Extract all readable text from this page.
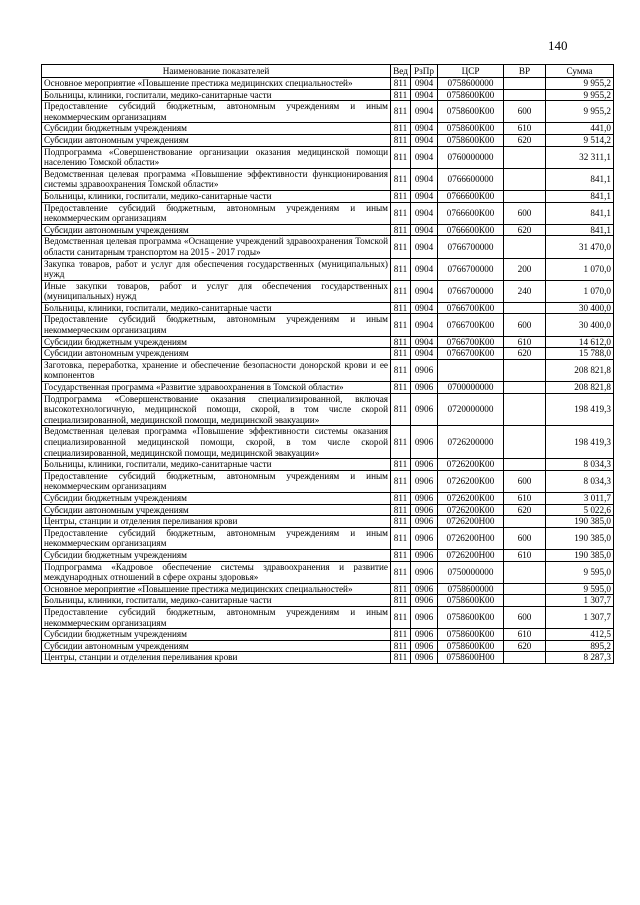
140
Наименование показателей	Вед	РзПр	ЦСР	ВР	Сумма
Основное мероприятие «Повышение престижа медицинских специальностей»	811	0904	0758600000		9 955,2
Больницы, клиники, госпитали, медико-санитарные части	811	0904	0758600К00		9 955,2
Предоставление субсидий бюджетным, автономным учреждениям и иным некоммерческим организациям	811	0904	0758600К00	600	9 955,2
Субсидии бюджетным учреждениям	811	0904	0758600К00	610	441,0
Субсидии автономным учреждениям	811	0904	0758600К00	620	9 514,2
Подпрограмма «Совершенствование организации оказания медицинской помощи населению Томской области»	811	0904	0760000000		32 311,1
Ведомственная целевая программа «Повышение эффективности функционирования системы здравоохранения Томской области»	811	0904	0766600000		841,1
Больницы, клиники, госпитали, медико-санитарные части	811	0904	0766600К00		841,1
Предоставление субсидий бюджетным, автономным учреждениям и иным некоммерческим организациям	811	0904	0766600К00	600	841,1
Субсидии автономным учреждениям	811	0904	0766600К00	620	841,1
Ведомственная целевая программа «Оснащение учреждений здравоохранения Томской области санитарным транспортом на 2015 - 2017 годы»	811	0904	0766700000		31 470,0
Закупка товаров, работ и услуг для обеспечения государственных (муниципальных) нужд	811	0904	0766700000	200	1 070,0
Иные закупки товаров, работ и услуг для обеспечения государственных (муниципальных) нужд	811	0904	0766700000	240	1 070,0
Больницы, клиники, госпитали, медико-санитарные части	811	0904	0766700К00		30 400,0
Предоставление субсидий бюджетным, автономным учреждениям и иным некоммерческим организациям	811	0904	0766700К00	600	30 400,0
Субсидии бюджетным учреждениям	811	0904	0766700К00	610	14 612,0
Субсидии автономным учреждениям	811	0904	0766700К00	620	15 788,0
Заготовка, переработка, хранение и обеспечение безопасности донорской крови и ее компонентов	811	0906			208 821,8
Государственная программа «Развитие здравоохранения в Томской области»	811	0906	0700000000		208 821,8
Подпрограмма «Совершенствование оказания специализированной, включая высокотехнологичную, медицинской помощи, скорой, в том числе скорой специализированной, медицинской помощи, медицинской эвакуации»	811	0906	0720000000		198 419,3
Ведомственная целевая программа «Повышение эффективности системы оказания специализированной медицинской помощи, скорой, в том числе скорой специализированной, медицинской помощи, медицинской эвакуации»	811	0906	0726200000		198 419,3
Больницы, клиники, госпитали, медико-санитарные части	811	0906	0726200К00		8 034,3
Предоставление субсидий бюджетным, автономным учреждениям и иным некоммерческим организациям	811	0906	0726200К00	600	8 034,3
Субсидии бюджетным учреждениям	811	0906	0726200К00	610	3 011,7
Субсидии автономным учреждениям	811	0906	0726200К00	620	5 022,6
Центры, станции и отделения переливания крови	811	0906	0726200Н00		190 385,0
Предоставление субсидий бюджетным, автономным учреждениям и иным некоммерческим организациям	811	0906	0726200Н00	600	190 385,0
Субсидии бюджетным учреждениям	811	0906	0726200Н00	610	190 385,0
Подпрограмма «Кадровое обеспечение системы здравоохранения и развитие международных отношений в сфере охраны здоровья»	811	0906	0750000000		9 595,0
Основное мероприятие «Повышение престижа медицинских специальностей»	811	0906	0758600000		9 595,0
Больницы, клиники, госпитали, медико-санитарные части	811	0906	0758600К00		1 307,7
Предоставление субсидий бюджетным, автономным учреждениям и иным некоммерческим организациям	811	0906	0758600К00	600	1 307,7
Субсидии бюджетным учреждениям	811	0906	0758600К00	610	412,5
Субсидии автономным учреждениям	811	0906	0758600К00	620	895,2
Центры, станции и отделения переливания крови	811	0906	0758600Н00		8 287,3
